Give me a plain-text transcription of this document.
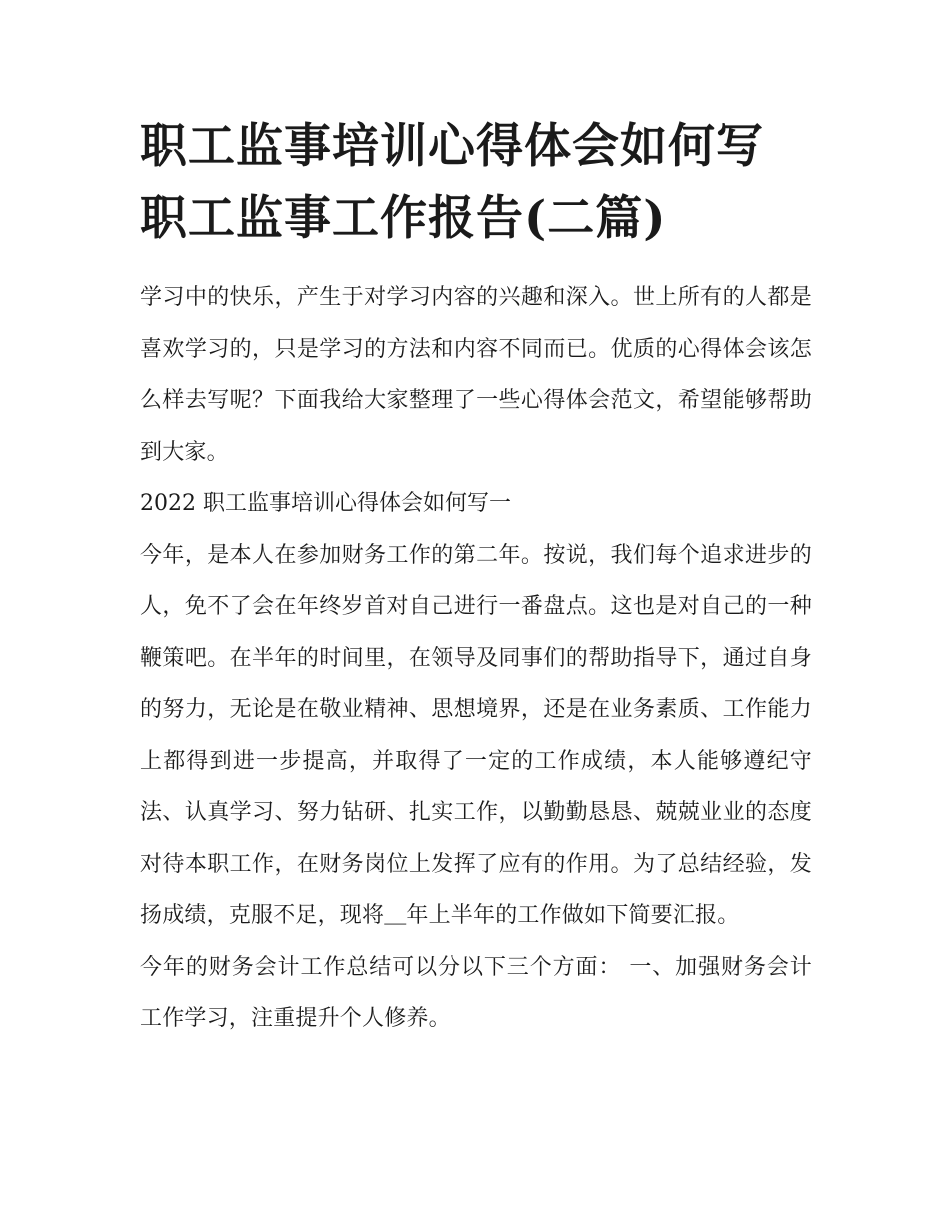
职工监事培训心得体会如何写
职工监事工作报告(二篇)

学习中的快乐，产生于对学习内容的兴趣和深入。世上所有的人都是喜欢学习的，只是学习的方法和内容不同而已。优质的心得体会该怎么样去写呢？下面我给大家整理了一些心得体会范文，希望能够帮助到大家。

2022 职工监事培训心得体会如何写一

今年，是本人在参加财务工作的第二年。按说，我们每个追求进步的人，免不了会在年终岁首对自己进行一番盘点。这也是对自己的一种鞭策吧。在半年的时间里，在领导及同事们的帮助指导下，通过自身的努力，无论是在敬业精神、思想境界，还是在业务素质、工作能力上都得到进一步提高，并取得了一定的工作成绩，本人能够遵纪守法、认真学习、努力钻研、扎实工作，以勤勤恳恳、兢兢业业的态度对待本职工作，在财务岗位上发挥了应有的作用。为了总结经验，发扬成绩，克服不足，现将＿年上半年的工作做如下简要汇报。

今年的财务会计工作总结可以分以下三个方面： 一、加强财务会计工作学习，注重提升个人修养。
